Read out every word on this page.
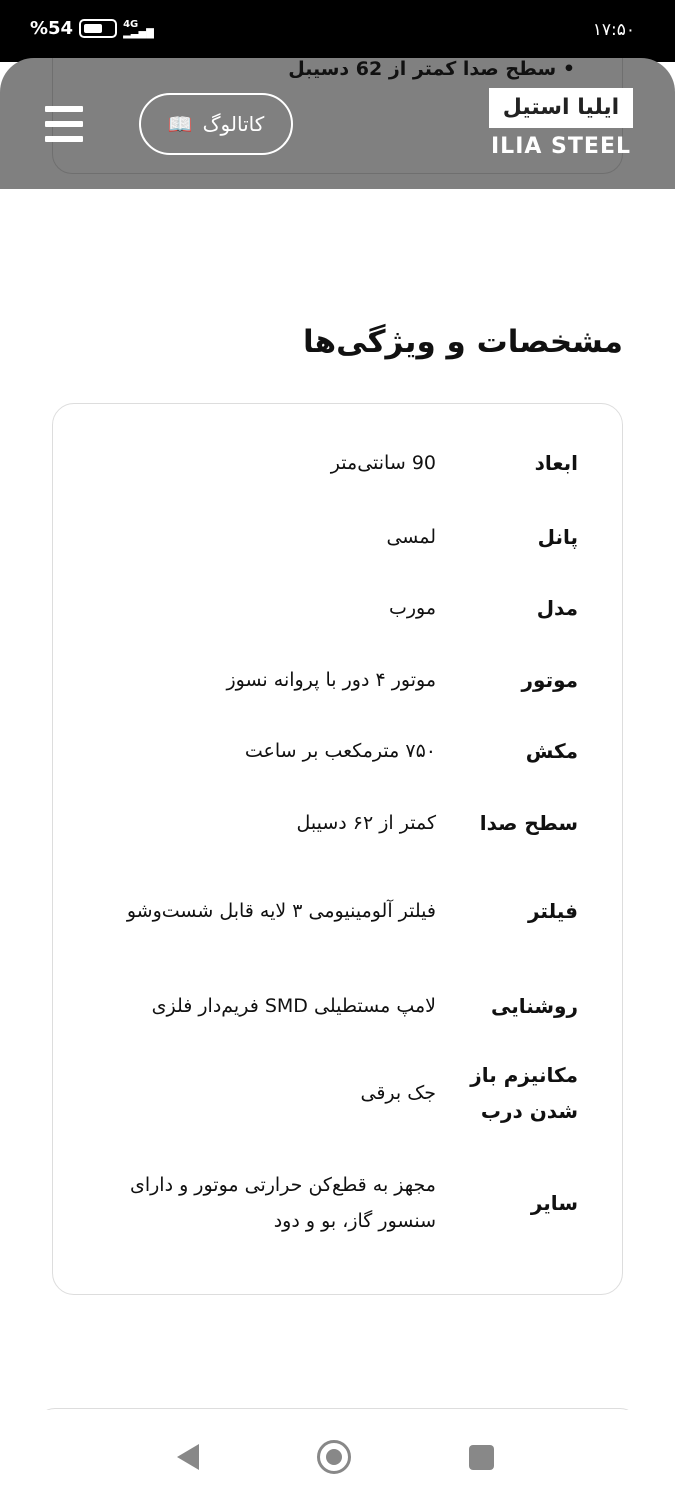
%54	4G
▂▃▅▇	۱۷:۵۰
• سطح صدا کمتر از 62 دسیبل
ایلیا استیل
ILIA STEEL
کاتالوگ
📖
مشخصات و ویژگی‌ها
ابعاد
90 سانتی‌متر
پانل
لمسی
مدل
مورب
موتور
موتور ۴ دور با پروانه نسوز
مکش
۷۵۰ مترمکعب بر ساعت
سطح صدا
کمتر از ۶۲ دسیبل
فیلتر
فیلتر آلومینیومی ۳ لایه قابل شست‌وشو
روشنایی
لامپ مستطیلی SMD فریم‌دار فلزی
مکانیزم باز شدن درب
جک برقی
سایر
مجهز به قطع‌کن حرارتی موتور و دارای سنسور گاز، بو و دود
